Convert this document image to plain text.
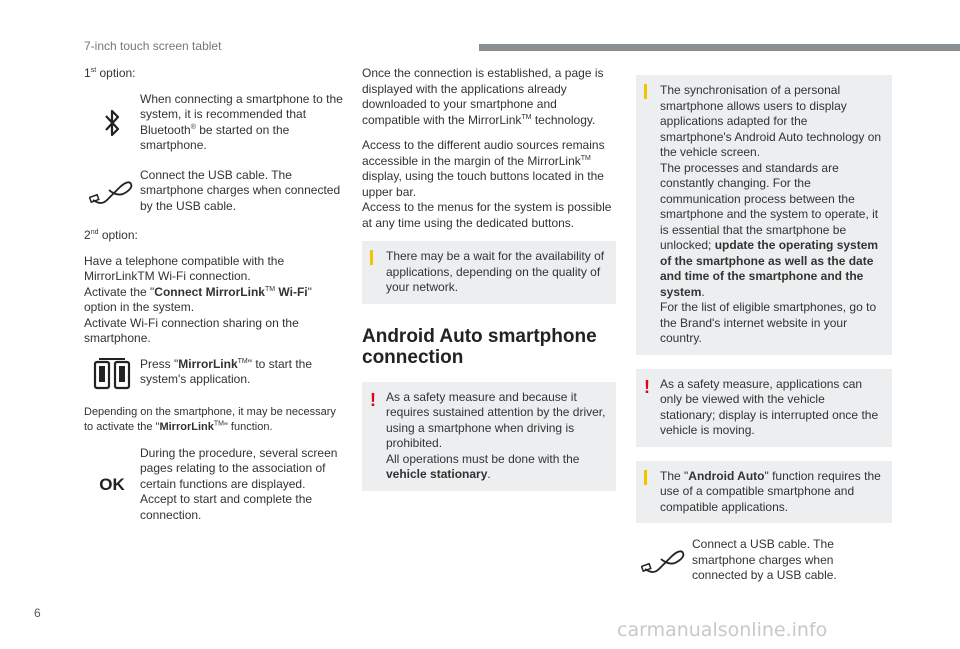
7-inch touch screen tablet

1st option:

When connecting a smartphone to the system, it is recommended that Bluetooth® be started on the smartphone.
Connect the USB cable. The smartphone charges when connected by the USB cable.

2nd option:

Have a telephone compatible with the MirrorLinkTM Wi-Fi connection.
Activate the "Connect MirrorLink™ Wi-Fi" option in the system.
Activate Wi-Fi connection sharing on the smartphone.

Press "MirrorLink™" to start the system's application.

Depending on the smartphone, it may be necessary to activate the "MirrorLink™" function.

OK
During the procedure, several screen pages relating to the association of certain functions are displayed.
Accept to start and complete the connection.

Once the connection is established, a page is displayed with the applications already downloaded to your smartphone and compatible with the MirrorLink™ technology.

Access to the different audio sources remains accessible in the margin of the MirrorLink™ display, using the touch buttons located in the upper bar.
Access to the menus for the system is possible at any time using the dedicated buttons.

There may be a wait for the availability of applications, depending on the quality of your network.
Android Auto smartphone connection
! As a safety measure and because it requires sustained attention by the driver, using a smartphone when driving is prohibited.
All operations must be done with the vehicle stationary.
The synchronisation of a personal smartphone allows users to display applications adapted for the smartphone's Android Auto technology on the vehicle screen.
The processes and standards are constantly changing. For the communication process between the smartphone and the system to operate, it is essential that the smartphone be unlocked; update the operating system of the smartphone as well as the date and time of the smartphone and the system.
For the list of eligible smartphones, go to the Brand's internet website in your country.
! As a safety measure, applications can only be viewed with the vehicle stationary; display is interrupted once the vehicle is moving.
The "Android Auto" function requires the use of a compatible smartphone and compatible applications.
Connect a USB cable. The smartphone charges when connected by a USB cable.
6
carmanualsonline.info
